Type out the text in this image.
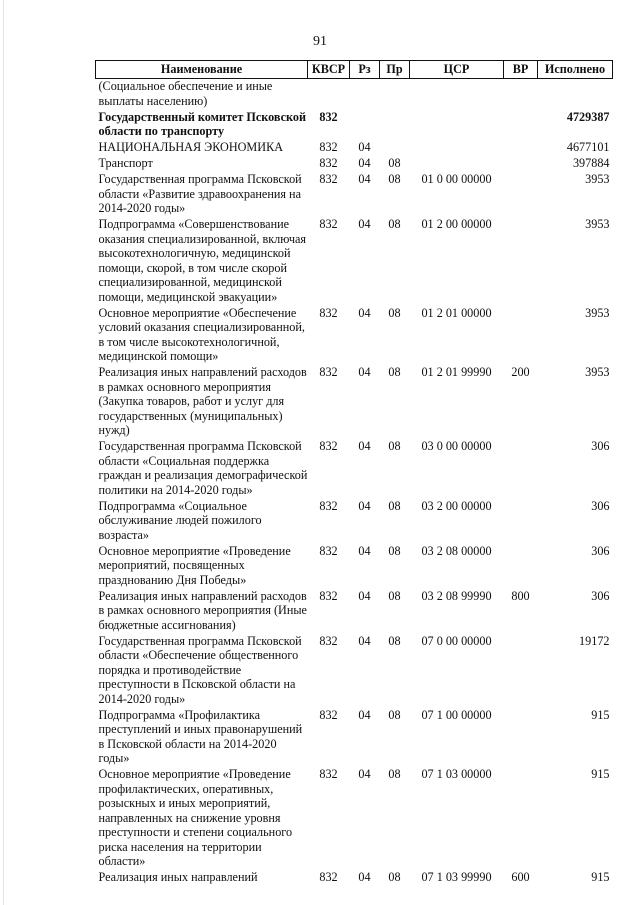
91
Наименование	КВСР	Рз	Пр	ЦСР	ВР	Исполнено
(Социальное обеспечение и иные выплаты населению)						
Государственный комитет Псковской области по транспорту	832					4729387
НАЦИОНАЛЬНАЯ ЭКОНОМИКА	832	04				4677101
Транспорт	832	04	08			397884
Государственная программа Псковской области «Развитие здравоохранения на 2014-2020 годы»	832	04	08	01 0 00 00000		3953
Подпрограмма «Совершенствование оказания специализированной, включая высокотехнологичную, медицинской помощи, скорой, в том числе скорой специализированной, медицинской помощи, медицинской эвакуации»	832	04	08	01 2 00 00000		3953
Основное мероприятие «Обеспечение условий оказания специализированной, в том числе высокотехнологичной, медицинской помощи»	832	04	08	01 2 01 00000		3953
Реализация иных направлений расходов в рамках основного мероприятия (Закупка товаров, работ и услуг для государственных (муниципальных) нужд)	832	04	08	01 2 01 99990	200	3953
Государственная программа Псковской области «Социальная поддержка граждан и реализация демографической политики на 2014-2020 годы»	832	04	08	03 0 00 00000		306
Подпрограмма «Социальное обслуживание людей пожилого возраста»	832	04	08	03 2 00 00000		306
Основное мероприятие «Проведение мероприятий, посвященных празднованию Дня Победы»	832	04	08	03 2 08 00000		306
Реализация иных направлений расходов в рамках основного мероприятия (Иные бюджетные ассигнования)	832	04	08	03 2 08 99990	800	306
Государственная программа Псковской области «Обеспечение общественного порядка и противодействие преступности в Псковской области на 2014-2020 годы»	832	04	08	07 0 00 00000		19172
Подпрограмма «Профилактика преступлений и иных правонарушений в Псковской области на 2014-2020 годы»	832	04	08	07 1 00 00000		915
Основное мероприятие «Проведение профилактических, оперативных, розыскных и иных мероприятий, направленных на снижение уровня преступности и степени социального риска населения на территории области»	832	04	08	07 1 03 00000		915
Реализация иных направлений	832	04	08	07 1 03 99990	600	915
